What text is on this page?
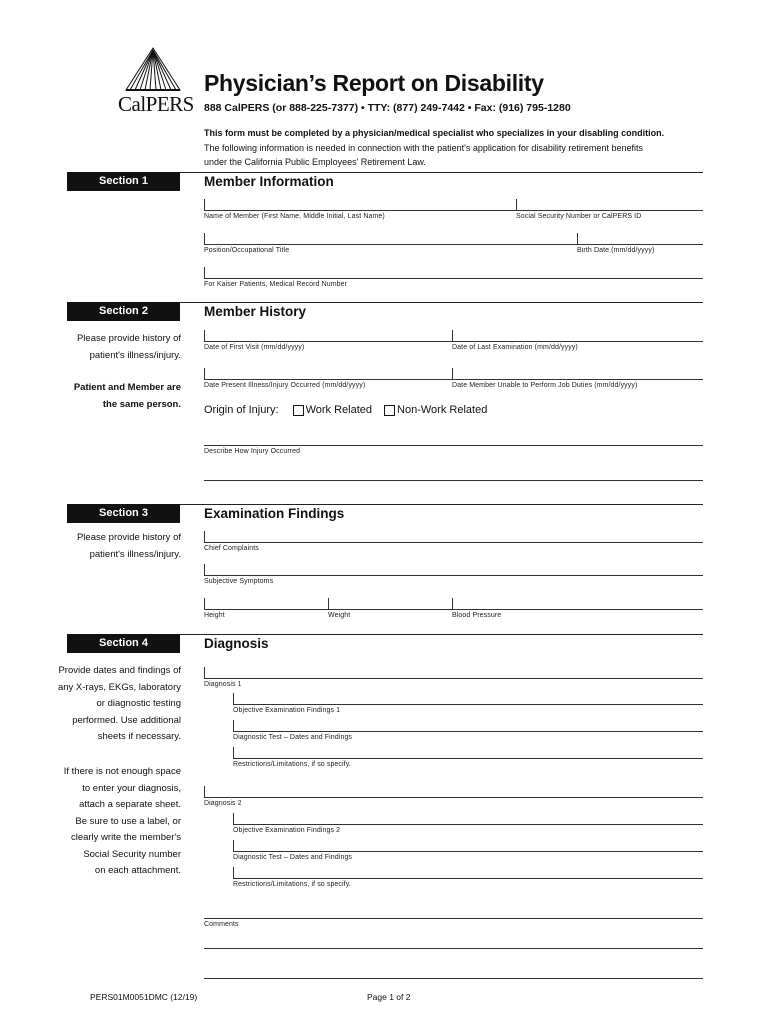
CalPERS
Physician’s Report on Disability
888 CalPERS (or 888-225-7377) • TTY: (877) 249-7442 • Fax: (916) 795-1280
This form must be completed by a physician/medical specialist who specializes in your disabling condition.
The following information is needed in connection with the patient's application for disability retirement benefits
under the California Public Employees' Retirement Law.
Section 1	Member Information
Name of Member (First Name, Middle Initial, Last Name)	Social Security Number or CalPERS ID
Position/Occupational Title	Birth Date (mm/dd/yyyy)
For Kaiser Patients, Medical Record Number
Section 2	Member History
Please provide history of
patient's illness/injury.
Patient and Member are
the same person.
Date of First Visit (mm/dd/yyyy)	Date of Last Examination (mm/dd/yyyy)
Date Present Illness/Injury Occurred (mm/dd/yyyy)	Date Member Unable to Perform Job Duties (mm/dd/yyyy)
Origin of Injury: Work Related Non-Work Related
Describe How Injury Occurred
Section 3	Examination Findings
Please provide history of
patient's illness/injury.	Chief Complaints
Subjective Symptoms
Height	Weight	Blood Pressure
Section 4	Diagnosis
Provide dates and findings of
any X-rays, EKGs, laboratory
or diagnostic testing
performed. Use additional
sheets if necessary.
If there is not enough space
to enter your diagnosis,
attach a separate sheet.
Be sure to use a label, or
clearly write the member's
Social Security number
on each attachment.
Diagnosis 1
Objective Examination Findings 1
Diagnostic Test – Dates and Findings
Restrictions/Limitations, if so specify.
Diagnosis 2
Objective Examination Findings 2
Diagnostic Test – Dates and Findings
Restrictions/Limitations, if so specify.
Comments
PERS01M0051DMC (12/19)	Page 1 of 2
